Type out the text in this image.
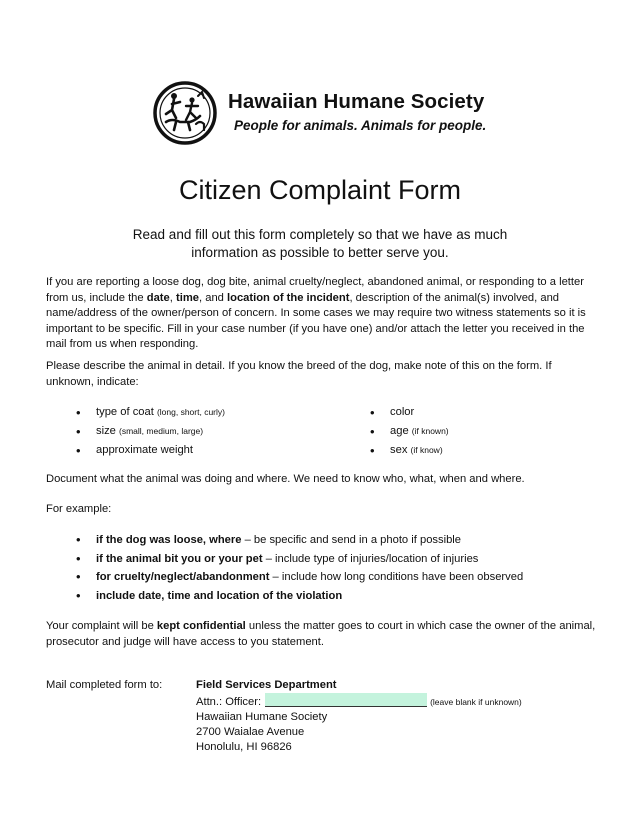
Hawaiian Humane Society
People for animals. Animals for people.
Citizen Complaint Form
Read and fill out this form completely so that we have as much information as possible to better serve you.
If you are reporting a loose dog, dog bite, animal cruelty/neglect, abandoned animal, or responding to a letter from us, include the date, time, and location of the incident, description of the animal(s) involved, and name/address of the owner/person of concern. In some cases we may require two witness statements so it is important to be specific. Fill in your case number (if you have one) and/or attach the letter you received in the mail from us when responding.
Please describe the animal in detail. If you know the breed of the dog, make note of this on the form. If unknown, indicate:
• type of coat (long, short, curly)
• size (small, medium, large)
• approximate weight
• color
• age (if known)
• sex (if know)
Document what the animal was doing and where. We need to know who, what, when and where.
For example:
• if the dog was loose, where – be specific and send in a photo if possible
• if the animal bit you or your pet – include type of injuries/location of injuries
• for cruelty/neglect/abandonment – include how long conditions have been observed
• include date, time and location of the violation
Your complaint will be kept confidential unless the matter goes to court in which case the owner of the animal, prosecutor and judge will have access to you statement.
Mail completed form to:	Field Services Department
Attn.: Officer:	(leave blank if unknown)
Hawaiian Humane Society
2700 Waialae Avenue
Honolulu, HI 96826
